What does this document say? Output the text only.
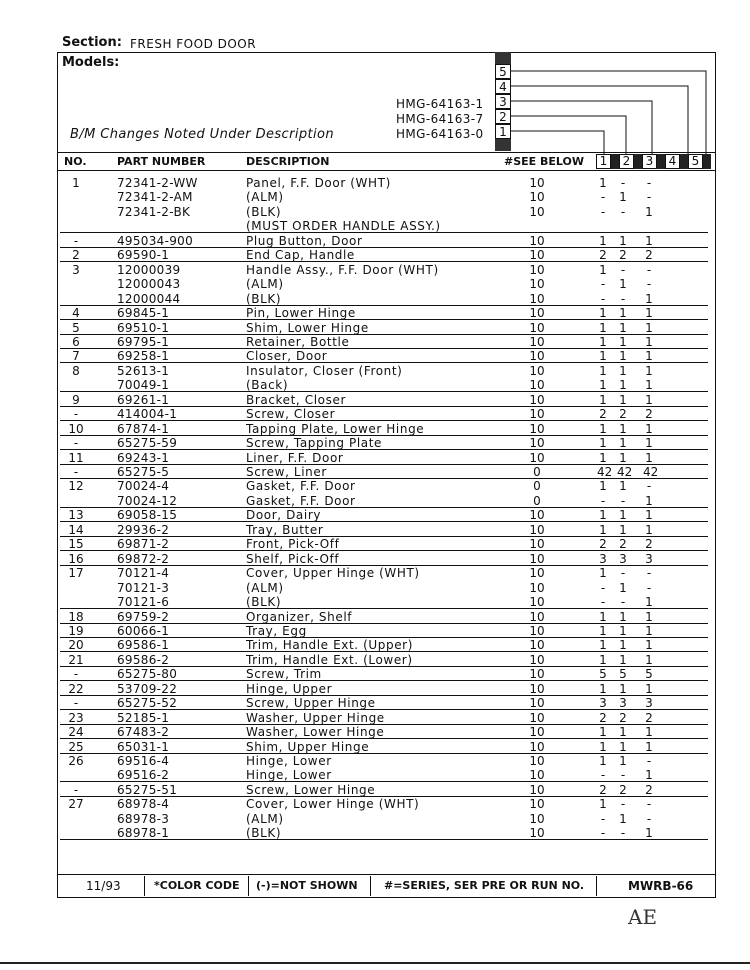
Section: FRESH FOOD DOOR
Models:
B/M Changes Noted Under Description
HMG-64163-1
HMG-64163-7
HMG-64163-0
5
4
3
2
1
NO.	PART NUMBER	DESCRIPTION	#SEE BELOW	1	2	3	4	5
1	72341-2-WW	Panel, F.F. Door (WHT)	10	1	-	-
72341-2-AM	(ALM)	10	-	1	-
72341-2-BK	(BLK)	10	-	-	1
(MUST ORDER HANDLE ASSY.)
-	495034-900	Plug Button, Door	10	1 1 1
2	69590-1	End Cap, Handle	10	2 2 2
3	12000039	Handle Assy., F.F. Door (WHT)	10	1	-	-
12000043	(ALM)	10	-	1	-
12000044	(BLK)	10	-	-	1
4	69845-1	Pin, Lower Hinge	10	1 1 1
5	69510-1	Shim, Lower Hinge	10	1 1 1
6	69795-1	Retainer, Bottle	10	1 1 1
7	69258-1	Closer, Door	10	1 1 1
8	52613-1	Insulator, Closer (Front)	10	1 1 1
70049-1	(Back)	10	1 1 1
9	69261-1	Bracket, Closer	10	1 1 1
-	414004-1	Screw, Closer	10	2 2 2
10	67874-1	Tapping Plate, Lower Hinge	10	1 1 1
-	65275-59	Screw, Tapping Plate	10	1 1 1
11	69243-1	Liner, F.F. Door	10	1 1 1
-	65275-5	Screw, Liner	0	42 42 42
12	70024-4	Gasket, F.F. Door	0	1 1	-
70024-12	Gasket, F.F. Door	0	-	-	1
13	69058-15	Door, Dairy	10	1 1 1
14	29936-2	Tray, Butter	10	1 1 1
15	69871-2	Front, Pick-Off	10	2 2 2
16	69872-2	Shelf, Pick-Off	10	3 3 3
17	70121-4	Cover, Upper Hinge (WHT)	10	1	-	-
70121-3	(ALM)	10	-	1	-
70121-6	(BLK)	10	-	-	1
18	69759-2	Organizer, Shelf	10	1 1 1
19	60066-1	Tray, Egg	10	1 1 1
20	69586-1	Trim, Handle Ext. (Upper)	10	1 1 1
21	69586-2	Trim, Handle Ext. (Lower)	10	1 1 1
-	65275-80	Screw, Trim	10	5 5 5
22	53709-22	Hinge, Upper	10	1 1 1
-	65275-52	Screw, Upper Hinge	10	3 3 3
23	52185-1	Washer, Upper Hinge	10	2 2 2
24	67483-2	Washer, Lower Hinge	10	1 1 1
25	65031-1	Shim, Upper Hinge	10	1 1 1
26	69516-4	Hinge, Lower	10	1 1	-
69516-2	Hinge, Lower	10	-	-	1
-	65275-51	Screw, Lower Hinge	10	2 2 2
27	68978-4	Cover, Lower Hinge (WHT)	10	1	-	-
68978-3	(ALM)	10	-	1	-
68978-1	(BLK)	10	-	-	1
11/93	*COLOR CODE (-)=NOT SHOWN #=SERIES, SER PRE OR RUN NO.	MWRB-66
AE
